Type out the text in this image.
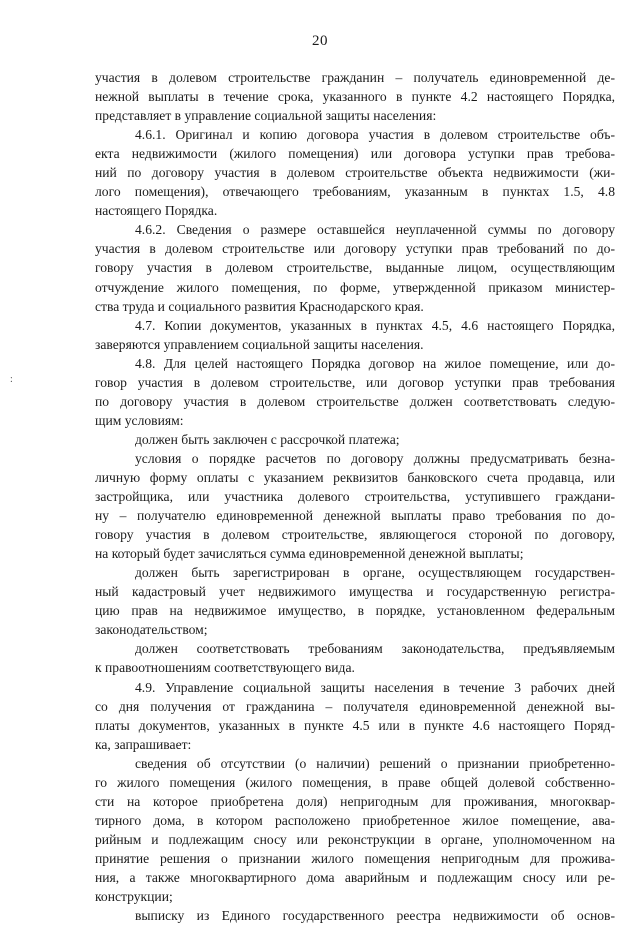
20
:
участия в долевом строительстве гражданин – получатель единовременной де-
нежной выплаты в течение срока, указанного в пункте 4.2 настоящего Порядка,
представляет в управление социальной защиты населения:
4.6.1. Оригинал и копию договора участия в долевом строительстве объ-
екта недвижимости (жилого помещения) или договора уступки прав требова-
ний по договору участия в долевом строительстве объекта недвижимости (жи-
лого помещения), отвечающего требованиям, указанным в пунктах 1.5, 4.8
настоящего Порядка.
4.6.2. Сведения о размере оставшейся неуплаченной суммы по договору
участия в долевом строительстве или договору уступки прав требований по до-
говору участия в долевом строительстве, выданные лицом, осуществляющим
отчуждение жилого помещения, по форме, утвержденной приказом министер-
ства труда и социального развития Краснодарского края.
4.7. Копии документов, указанных в пунктах 4.5, 4.6 настоящего Порядка,
заверяются управлением социальной защиты населения.
4.8. Для целей настоящего Порядка договор на жилое помещение, или до-
говор участия в долевом строительстве, или договор уступки прав требования
по договору участия в долевом строительстве должен соответствовать следую-
щим условиям:
должен быть заключен с рассрочкой платежа;
условия о порядке расчетов по договору должны предусматривать безна-
личную форму оплаты с указанием реквизитов банковского счета продавца, или
застройщика, или участника долевого строительства, уступившего граждани-
ну – получателю единовременной денежной выплаты право требования по до-
говору участия в долевом строительстве, являющегося стороной по договору,
на который будет зачисляться сумма единовременной денежной выплаты;
должен быть зарегистрирован в органе, осуществляющем государствен-
ный кадастровый учет недвижимого имущества и государственную регистра-
цию прав на недвижимое имущество, в порядке, установленном федеральным
законодательством;
должен соответствовать требованиям законодательства, предъявляемым
к правоотношениям соответствующего вида.
4.9. Управление социальной защиты населения в течение 3 рабочих дней
со дня получения от гражданина – получателя единовременной денежной вы-
платы документов, указанных в пункте 4.5 или в пункте 4.6 настоящего Поряд-
ка, запрашивает:
сведения об отсутствии (о наличии) решений о признании приобретенно-
го жилого помещения (жилого помещения, в праве общей долевой собственно-
сти на которое приобретена доля) непригодным для проживания, многоквар-
тирного дома, в котором расположено приобретенное жилое помещение, ава-
рийным и подлежащим сносу или реконструкции в органе, уполномоченном на
принятие решения о признании жилого помещения непригодным для прожива-
ния, а также многоквартирного дома аварийным и подлежащим сносу или ре-
конструкции;
выписку из Единого государственного реестра недвижимости об основ-
